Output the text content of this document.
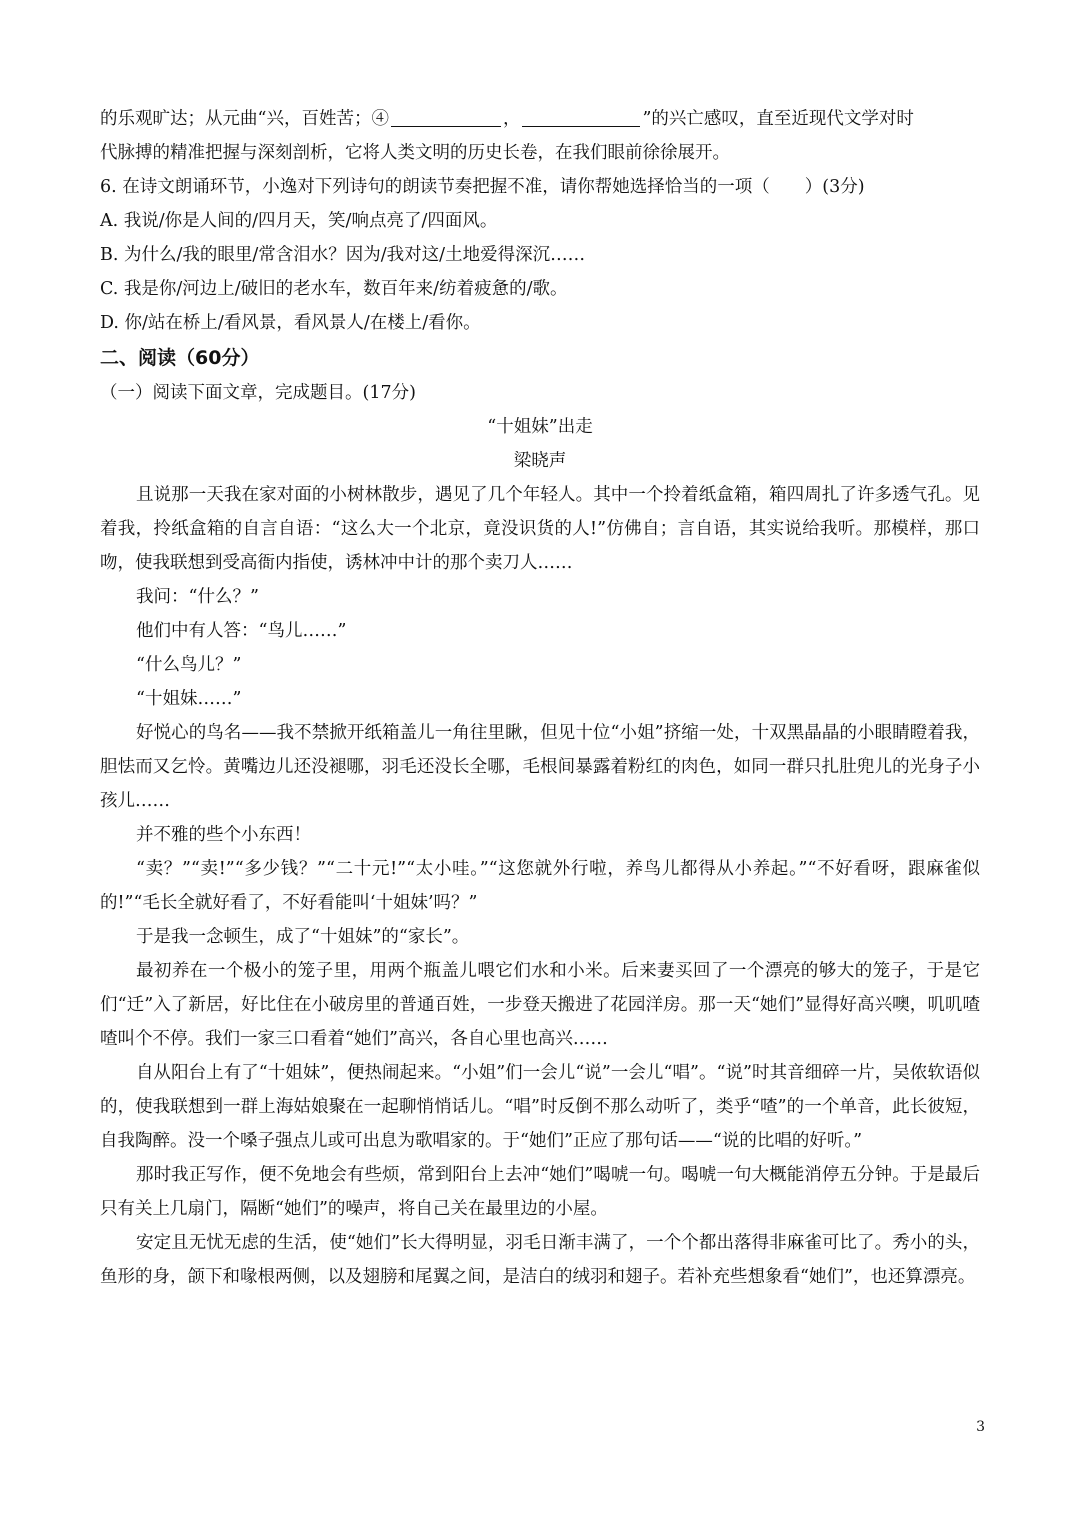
的乐观旷达；从元曲“兴，百姓苦；④	，	”的兴亡感叹，直至近现代文学对时

代脉搏的精准把握与深刻剖析，它将人类文明的历史长卷，在我们眼前徐徐展开。

6. 在诗文朗诵环节，小逸对下列诗句的朗读节奏把握不准，请你帮她选择恰当的一项（　　）(3分)

A. 我说/你是人间的/四月天，笑/响点亮了/四面风。

B. 为什么/我的眼里/常含泪水？因为/我对这/土地爱得深沉……

C. 我是你/河边上/破旧的老水车，数百年来/纺着疲惫的/歌。

D. 你/站在桥上/看风景，看风景人/在楼上/看你。

二、阅读（60分）

（一）阅读下面文章，完成题目。(17分)

“十姐妹”出走

梁晓声

且说那一天我在家对面的小树林散步，遇见了几个年轻人。其中一个拎着纸盒箱，箱四周扎了许多透气孔。见着我，拎纸盒箱的自言自语：“这么大一个北京，竟没识货的人!”仿佛自；言自语，其实说给我听。那模样，那口吻，使我联想到受高衙内指使，诱林冲中计的那个卖刀人……

我问：“什么？”

他们中有人答：“鸟儿……”

“什么鸟儿？”

“十姐妹……”

好悦心的鸟名——我不禁掀开纸箱盖儿一角往里瞅，但见十位“小姐”挤缩一处，十双黑晶晶的小眼睛瞪着我，胆怯而又乞怜。黄嘴边儿还没褪哪，羽毛还没长全哪，毛根间暴露着粉红的肉色，如同一群只扎肚兜儿的光身子小孩儿……

并不雅的些个小东西！

“卖？”“卖!”“多少钱？”“二十元!”“太小哇。”“这您就外行啦，养鸟儿都得从小养起。”“不好看呀，跟麻雀似的!”“毛长全就好看了，不好看能叫‘十姐妹’吗？”

于是我一念顿生，成了“十姐妹”的“家长”。

最初养在一个极小的笼子里，用两个瓶盖儿喂它们水和小米。后来妻买回了一个漂亮的够大的笼子，于是它们“迁”入了新居，好比住在小破房里的普通百姓，一步登天搬进了花园洋房。那一天“她们”显得好高兴噢，叽叽喳喳叫个不停。我们一家三口看着“她们”高兴，各自心里也高兴……

自从阳台上有了“十姐妹”，便热闹起来。“小姐”们一会儿“说”一会儿“唱”。“说”时其音细碎一片，吴侬软语似的，使我联想到一群上海姑娘聚在一起聊悄悄话儿。“唱”时反倒不那么动听了，类乎“喳”的一个单音，此长彼短，自我陶醉。没一个嗓子强点儿或可出息为歌唱家的。于“她们”正应了那句话——“说的比唱的好听。”

那时我正写作，便不免地会有些烦，常到阳台上去冲“她们”喝唬一句。喝唬一句大概能消停五分钟。于是最后只有关上几扇门，隔断“她们”的噪声，将自己关在最里边的小屋。

安定且无忧无虑的生活，使“她们”长大得明显，羽毛日渐丰满了，一个个都出落得非麻雀可比了。秀小的头，鱼形的身，颌下和喙根两侧，以及翅膀和尾翼之间，是洁白的绒羽和翅子。若补充些想象看“她们”，也还算漂亮。

3
